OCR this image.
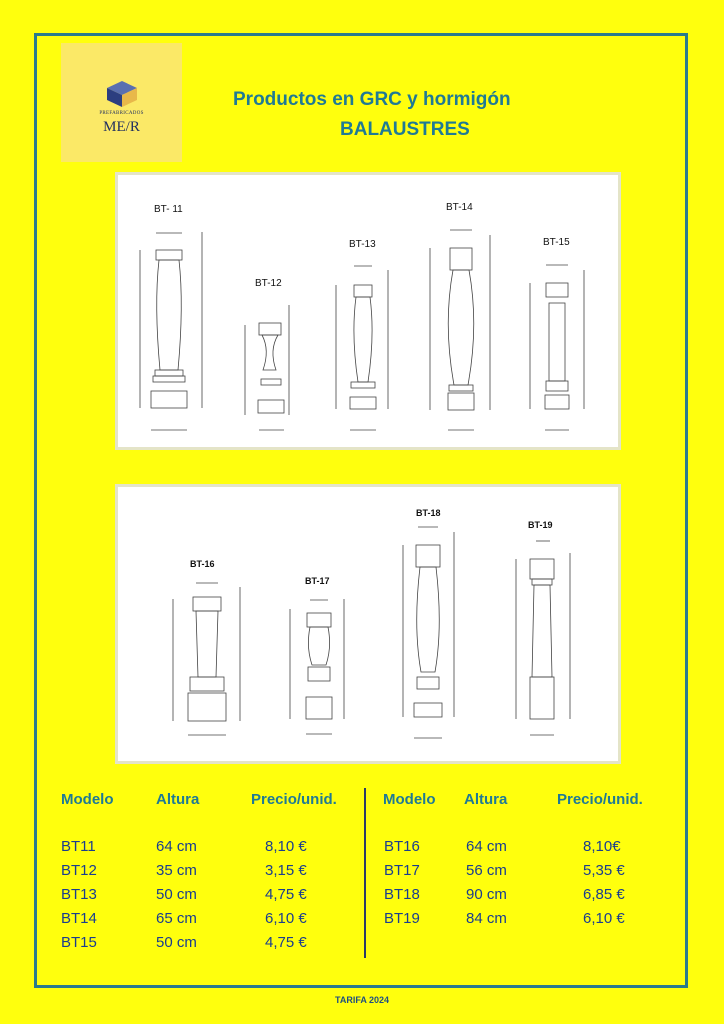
PREFABRICADOS
ME/R
Productos en GRC y hormigón
BALAUSTRES
BT- 11
BT-12
BT-13
BT-14
BT-15
BT-16
BT-17
BT-18
BT-19
Modelo	Altura	Precio/unid.	Modelo Altura	Precio/unid.
BT11	64 cm	8,10 €
BT12	35 cm	3,15 €
BT13	50 cm	4,75 €
BT14	65 cm	6,10 €
BT15	50 cm	4,75 €
BT16	64 cm	8,10€
BT17	56 cm	5,35 €
BT18	90 cm	6,85 €
BT19	84 cm	6,10 €
TARIFA 2024
